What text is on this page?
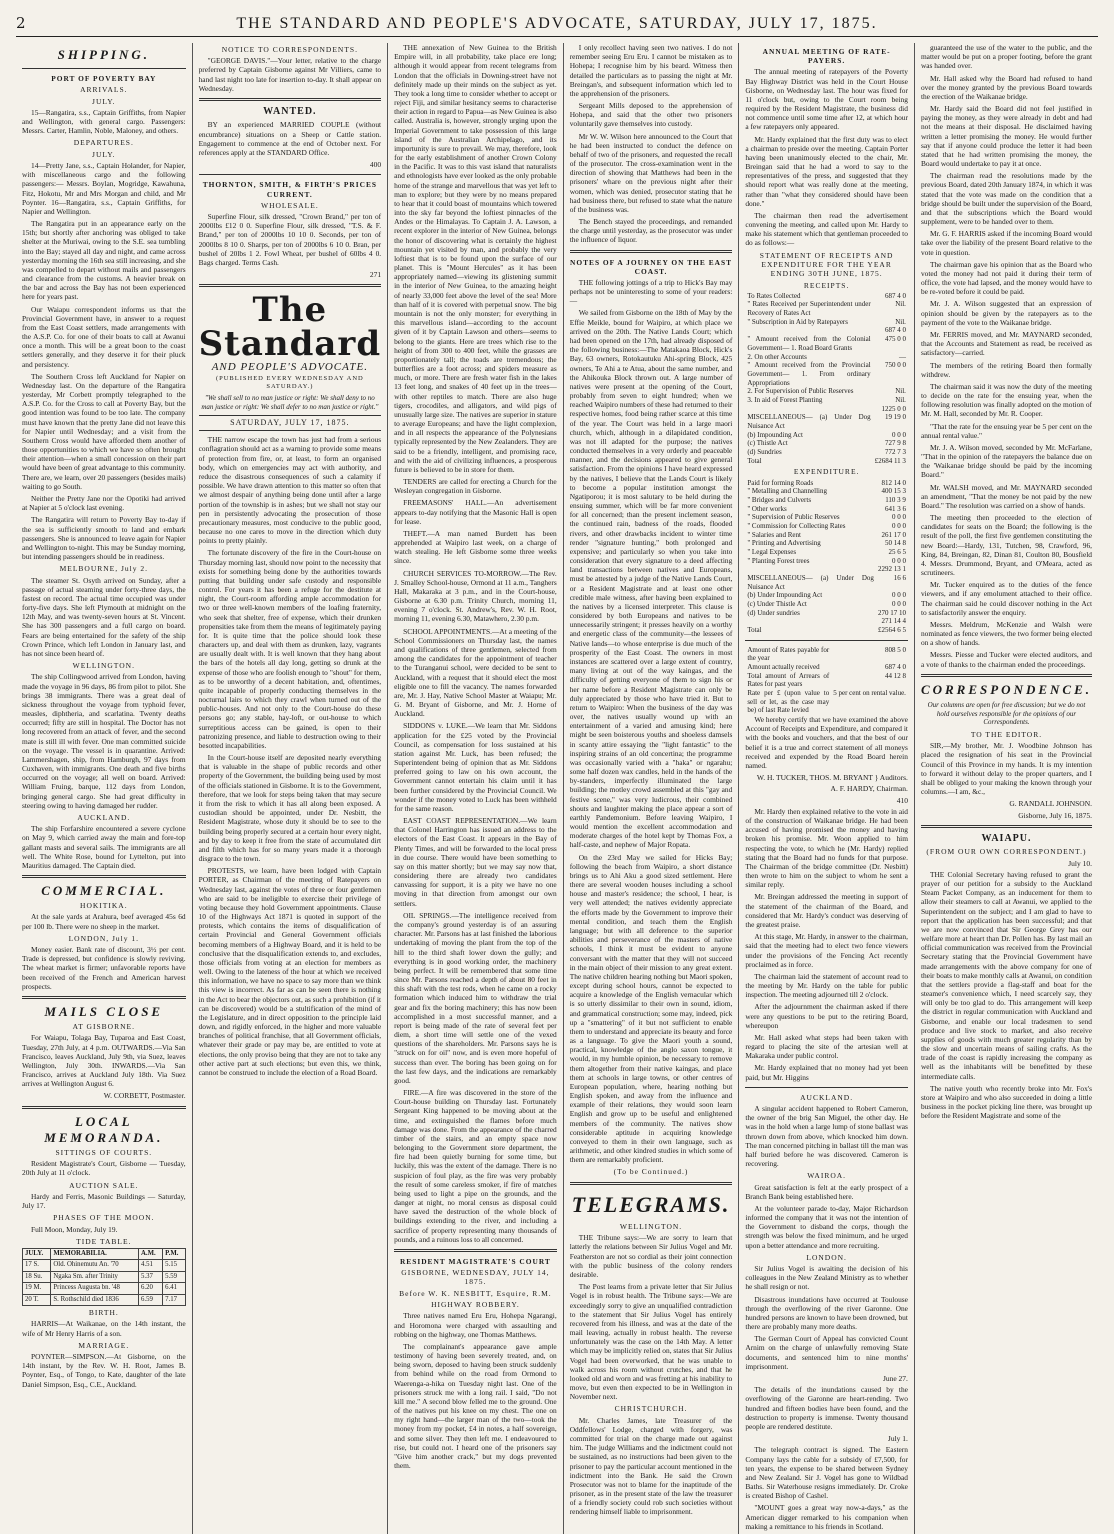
2	THE STANDARD AND PEOPLE'S ADVOCATE, SATURDAY, JULY 17, 1875.
SHIPPING.
PORT OF POVERTY BAY
ARRIVALS.
JULY.

15—Rangatira, s.s., Captain Griffiths, from Napier and Wellington, with general cargo. Passengers: Messrs. Carter, Hamlin, Noble, Maloney, and others.

DEPARTURES.
JULY.

14—Pretty Jane, s.s., Captain Holander, for Napier, with miscellaneous cargo and the following passengers:— Messrs. Boylan, Mogridge, Kawahuna, Fitz, Hokotu, Mr and Mrs Morgan and child, and Mr Poynter. 16—Rangatira, s.s., Captain Griffiths, for Napier and Wellington.

The Rangatira put in an appearance early on the 15th; but shortly after anchoring was obliged to take shelter at the Muriwai, owing to the S.E. sea tumbling into the Bay; stayed all day and night, and came across yesterday morning the 16th sea still increasing, and she was compelled to depart without mails and passengers and clearance from the customs. A heavier break on the bar and across the Bay has not been experienced here for years past.

Our Waiapu correspondent informs us that the Provincial Government have, in answer to a request from the East Coast settlers, made arrangements with the A.S.P. Co. for one of their boats to call at Awanui once a month. This will be a great boon to the coast settlers generally, and they deserve it for their pluck and persistency.

The Southern Cross left Auckland for Napier on Wednesday last. On the departure of the Rangatira yesterday, Mr Corbett promptly telegraphed to the A.S.P. Co. for the Cross to call at Poverty Bay, but the good intention was found to be too late. The company must have known that the pretty Jane did not leave this for Napier until Wednesday; and a visit from the Southern Cross would have afforded them another of those opportunities to which we have so often brought their attention—when a small concession on their part would have been of great advantage to this community. There are, we learn, over 20 passengers (besides mails) waiting to go South.

Neither the Pretty Jane nor the Opotiki had arrived at Napier at 5 o'clock last evening.

The Rangatira will return to Poverty Bay to-day if the sea is sufficiently smooth to land and embark passengers. She is announced to leave again for Napier and Wellington to-night. This may be Sunday morning, but intending passengers should be in readiness.

MELBOURNE, July 2.

The steamer St. Osyth arrived on Sunday, after a passage of actual steaming under forty-three days, the fastest on record. The actual time occupied was under forty-five days. She left Plymouth at midnight on the 12th May, and was twenty-seven hours at St. Vincent. She has 300 passengers and a full cargo on board. Fears are being entertained for the safety of the ship Crown Prince, which left London in January last, and has not since been heard of.

WELLINGTON.

The ship Collingwood arrived from London, having made the voyage in 96 days, 86 from pilot to pilot. She brings 38 immigrants. There was a great deal of sickness throughout the voyage from typhoid fever, measles, diphtheria, and scarlatina. Twenty deaths occurred; fifty are still in hospital. The Doctor has not long recovered from an attack of fever, and the second mate is still ill with fever. One man committed suicide on the voyage. The vessel is in quarantine. Arrived: Lammershagen, ship, from Hamburgh, 97 days from Cuxhaven, with immigrants. One death and five births occurred on the voyage; all well on board. Arrived: William Fruing, barque, 112 days from London, bringing general cargo. She had great difficulty in steering owing to having damaged her rudder.

AUCKLAND.

The ship Forfarshire encountered a severe cyclone on May 9, which carried away the main and fore-top gallant masts and several sails. The immigrants are all well. The White Rose, bound for Lyttelton, put into Mauritius damaged. The Captain died.

COMMERCIAL.
HOKITIKA.

At the sale yards at Arahura, beef averaged 45s 6d per 100 lb. There were no sheep in the market.

LONDON, July 1.

Money easier. Bank rate of discount, 3½ per cent. Trade is depressed, but confidence is slowly reviving. The wheat market is firmer; unfavorable reports have been received of the French and American harvest prospects.

MAILS CLOSE
AT GISBORNE.

For Waiapu, Tolaga Bay, Tuparoa and East Coast, Tuesday, 27th July, at 4 p.m. OUTWARDS.—Via San Francisco, leaves Auckland, July 9th, via Suez, leaves Wellington, July 30th. INWARDS.—Via San Francisco, arrives at Auckland July 18th. Via Suez arrives at Wellington August 6.

W. CORBETT, Postmaster.
LOCAL MEMORANDA.
SITTINGS OF COURTS.

Resident Magistrate's Court, Gisborne — Tuesday, 20th July at 11 o'clock.

AUCTION SALE.

Hardy and Ferris, Masonic Buildings — Saturday, July 17.

PHASES OF THE MOON.

Full Moon, Monday, July 19.

TIDE TABLE.
JULY.	MEMORABILIA.	A.M.	P.M.
17 S.	Old. Ohinemutu An. '70	4.51	5.15
18 Su.	Ngaka Sm. after Trinity	5.37	5.59
19 M.	Princess Augusta bn. '48	6.20	6.41
20 T.	S. Rothschild died 1836	6.59	7.17
BIRTH.

HARRIS—At Waikanae, on the 14th instant, the wife of Mr Henry Harris of a son.

MARRIAGE.

POYNTER—SIMPSON.—At Gisborne, on the 14th instant, by the Rev. W. H. Root, James B. Poynter, Esq., of Tongo, to Kate, daughter of the late Daniel Simpson, Esq., C.E., Auckland.

NOTICE TO CORRESPONDENTS.

"GEORGE DAVIS."—Your letter, relative to the charge preferred by Captain Gisborne against Mr Villiers, came to hand last night too late for insertion to-day. It shall appear on Wednesday.

WANTED.

BY an experienced MARRIED COUPLE (without encumbrance) situations on a Sheep or Cattle station. Engagement to commence at the end of October next. For references apply at the STANDARD Office.

400
THORNTON, SMITH, & FIRTH'S PRICES CURRENT.
WHOLESALE.

Superfine Flour, silk dressed, "Crown Brand," per ton of 2000lbs £12 0 0. Superfine Flour, silk dressed, "T.S. & F. Brand," per ton of 2000lbs 10 10 0. Seconds, per ton of 2000lbs 8 10 0. Sharps, per ton of 2000lbs 6 10 0. Bran, per bushel of 20lbs 1 2. Fowl Wheat, per bushel of 60lbs 4 0. Bags charged. Terms Cash.

271
The Standard
AND PEOPLE'S ADVOCATE.
(PUBLISHED EVERY WEDNESDAY AND SATURDAY.)
"We shall sell to no man justice or right: We shall deny to no man justice or right: We shall defer to no man justice or right."
SATURDAY, JULY 17, 1875.

THE narrow escape the town has just had from a serious conflagration should act as a warning to provide some means of protection from fire, or, at least, to form an organised body, which on emergencies may act with authority, and reduce the disastrous consequences of such a calamity if possible. We have drawn attention to this matter so often that we almost despair of anything being done until after a large portion of the township is in ashes; but we shall not stay our pen in persistently advocating the prosecution of those precautionary measures, most conducive to the public good, because no one cares to move in the direction which duty points to pretty plainly.

The fortunate discovery of the fire in the Court-house on Thursday morning last, should now point to the necessity that exists for something being done by the authorities towards putting that building under safe custody and responsible control. For years it has been a refuge for the destitute at night, the Court-room affording ample accommodation for two or three well-known members of the loafing fraternity, who seek that shelter, free of expense, which their drunken propensities take from them the means of legitimately paying for. It is quite time that the police should look these characters up, and deal with them as drunken, lazy, vagrants are usually dealt with. It is well known that they hang about the bars of the hotels all day long, getting so drunk at the expense of those who are foolish enough to "shout" for them, as to be unworthy of a decent habitation, and, oftentimes, quite incapable of properly conducting themselves in the nocturnal lairs to which they crawl when turned out of the public-houses. And not only to the Court-house do these persons go; any stable, hay-loft, or out-house to which surreptitious access can be gained, is open to their patronizing presence, and liable to destruction owing to their besotted incapabilities.

In the Court-house itself are deposited nearly everything that is valuable in the shape of public records and other property of the Government, the building being used by most of the officials stationed in Gisborne. It is to the Government, therefore, that we look for steps being taken that may secure it from the risk to which it has all along been exposed. A custodian should be appointed, under Dr. Nesbitt, the Resident Magistrate, whose duty it should be to see to the building being properly secured at a certain hour every night, and by day to keep it free from the state of accumulated dirt and filth which has for so many years made it a thorough disgrace to the town.

PROTESTS, we learn, have been lodged with Captain PORTER, as Chairman of the meeting of Ratepayers on Wednesday last, against the votes of three or four gentlemen who are said to be ineligible to exercise their privilege of voting because they hold Government appointments. Clause 10 of the Highways Act 1871 is quoted in support of the protests, which contains the items of disqualification of certain Provincial and General Government officials becoming members of a Highway Board, and it is held to be conclusive that the disqualification extends to, and excludes, those officials from voting at an election for members as well. Owing to the lateness of the hour at which we received this information, we have no space to say more than we think this view is incorrect. As far as can be seen there is nothing in the Act to bear the objectors out, as such a prohibition (if it can be discovered) would be a stultification of the mind of the Legislature, and in direct opposition to the principle laid down, and rigidly enforced, in the higher and more valuable branches of political franchise, that all Government officials, whatever their grade or pay may be, are entitled to vote at elections, the only proviso being that they are not to take any other active part at such elections; but even this, we think, cannot be construed to include the election of a Road Board.

THE annexation of New Guinea to the British Empire will, in all probability, take place ere long; although it would appear from recent telegrams from London that the officials in Downing-street have not definitely made up their minds on the subject as yet. They took a long time to consider whether to accept or reject Fiji, and similar hesitancy seems to characterise their action in regard to Papua—as New Guinea is also called. Australia is, however, strongly urging upon the Imperial Government to take possession of this large island of the Australian Archipelago, and its importunity is sure to prevail. We may, therefore, look for the early establishment of another Crown Colony in the Pacific. It was to this vast island that naturalists and ethnologists have ever looked as the only probable home of the strange and marvellous that was yet left to man to explore; but they were by no means prepared to hear that it could boast of mountains which towered into the sky far beyond the loftiest pinnacles of the Andes or the Himalayas. To Captain J. A. Lawson, a recent explorer in the interior of New Guinea, belongs the honor of discovering what is certainly the highest mountain yet visited by man, and probably the very loftiest that is to be found upon the surface of our planet. This is "Mount Hercules" as it has been appropriately named—viewing its glistening summit in the interior of New Guinea, to the amazing height of nearly 33,000 feet above the level of the sea! More than half of it is covered with perpetual snow. The big mountain is not the only monster; for everything in this marvellous island—according to the account given of it by Captain Lawson and others—seems to belong to the giants. Here are trees which rise to the height of from 300 to 400 feet, while the grasses are proportionately tall; the toads are tremendous; the butterflies are a foot across; and spiders measure as much, or more. There are fresh water fish in the lakes 13 feet long, and snakes of 40 feet up in the trees—with other reptiles to match. There are also huge tigers, crocodiles, and alligators, and wild pigs of unusually large size. The natives are superior in stature to average Europeans; and have the light complexion, and in all respects the appearance of the Polynesians typically represented by the New Zealanders. They are said to be a friendly, intelligent, and promising race, and with the aid of civilizing influences, a prosperous future is believed to be in store for them.

TENDERS are called for erecting a Church for the Wesleyan congregation in Gisborne.

FREEMASONS' HALL.—An advertisement appears to-day notifying that the Masonic Hall is open for lease.

THEFT.—A man named Burdett has been apprehended at Waipiro last week, on a charge of watch stealing. He left Gisborne some three weeks since.

CHURCH SERVICES TO-MORROW.—The Rev. J. Smalley School-house, Ormond at 11 a.m., Tanghers Hall, Makaraka at 3 p.m., and in the Court-house, Gisborne at 6.30 p.m. Trinity Church, morning 11, evening 7 o'clock. St. Andrew's, Rev. W. H. Root, morning 11, evening 6.30, Matawhero, 2.30 p.m.

SCHOOL APPOINTMENTS.—At a meeting of the School Commissioners on Thursday last, the names and qualifications of three gentlemen, selected from among the candidates for the appointment of teacher to the Turanganui school, were decided to be sent to Auckland, with a request that it should elect the most eligible one to fill the vacancy. The names forwarded are, Mr. J. Hay, Native School Master at Waiapu; Mr. G. M. Bryant of Gisborne, and Mr. J. Horne of Auckland.

SIDDONS v. LUKE.—We learn that Mr. Siddons application for the £25 voted by the Provincial Council, as compensation for loss sustained at his station against Mr. Luck, has been refused; the Superintendent being of opinion that as Mr. Siddons preferred going to law on his own account, the Government cannot entertain his claim until it has been further considered by the Provincial Council. We wonder if the money voted to Luck has been withheld for the same reason.

EAST COAST REPRESENTATION.—We learn that Colonel Harrington has issued an address to the electors of the East Coast. It appears in the Bay of Plenty Times, and will be forwarded to the local press in due course. There would have been something to say on this matter shortly; but we may say now that, considering there are already two candidates canvassing for support, it is a pity we have no one moving in that direction from amongst our own settlers.

OIL SPRINGS.—The intelligence received from the company's ground yesterday is of an assuring character. Mr. Parsons has at last finished the laborious undertaking of moving the plant from the top of the hill to the third shaft lower down the gully; and everything is in good working order, the machinery being perfect. It will be remembered that some time since Mr. Parsons reached a depth of about 80 feet in this shaft with the test rods, when he came on a rocky formation which induced him to withdraw the trial gear and fix the boring machinery; this has now been accomplished in a most successful manner, and a report is being made of the rate of several feet per diem, a short time will settle one of the vexed questions of the shareholders. Mr. Parsons says he is "struck on for oil" now, and is even more hopeful of success than ever. The boring has been going on for the last few days, and the indications are remarkably good.

FIRE.—A fire was discovered in the store of the Court-house building on Thursday last. Fortunately Sergeant King happened to be moving about at the time, and extinguished the flames before much damage was done. From the appearance of the charred timber of the stairs, and an empty space now belonging to the Government store department, the fire had been quietly burning for some time, but luckily, this was the extent of the damage. There is no suspicion of foul play, as the fire was very probably the result of some careless smoker, if fire of matches being used to light a pipe on the grounds, and the danger at night, no moral census as disposal could have saved the destruction of the whole block of buildings extending to the river, and including a sacrifice of property representing many thousands of pounds, and a ruinous loss to all concerned.

RESIDENT MAGISTRATE'S COURT
GISBORNE, WEDNESDAY, JULY 14, 1875.
Before W. K. NESBITT, Esquire, R.M.
HIGHWAY ROBBERY.

Three natives named Eru Eru, Hohepa Ngarangi, and Horomona were charged with assaulting and robbing on the highway, one Thomas Matthews.

The complainant's appearance gave ample testimony of having been severely treated, and, on being sworn, deposed to having been struck suddenly from behind while on the road from Ormond to Waerenga-a-hika on Tuesday night last. One of the prisoners struck me with a long rail. I said, "Do not kill me." A second blow felled me to the ground. One of the natives put his knee on my chest. The one on my right hand—the larger man of the two—took the money from my pocket, £4 in notes, a half sovereign, and some silver. They then left me. I endeavoured to rise, but could not. I heard one of the prisoners say "Give him another crack," but my dogs prevented them.

I only recollect having seen two natives. I do not remember seeing Eru Eru. I cannot be mistaken as to Hohepa; I recognise him by his beard. Witness then detailed the particulars as to passing the night at Mr. Breingan's, and subsequent information which led to the apprehension of the prisoners.

Sergeant Mills deposed to the apprehension of Hohepa, and said that the other two prisoners voluntarily gave themselves into custody.

Mr W. W. Wilson here announced to the Court that he had been instructed to conduct the defence on behalf of two of the prisoners, and requested the recall of the prosecutor. The cross-examination went in the direction of showing that Matthews had been in the prisoners' whare on the previous night after their women, which was denied, prosecutor stating that he had business there, but refused to state what the nature of the business was.

The Bench stayed the proceedings, and remanded the charge until yesterday, as the prosecutor was under the influence of liquor.

NOTES OF A JOURNEY ON THE EAST COAST.

THE following jottings of a trip to Hick's Bay may perhaps not be uninteresting to some of your readers:—

We sailed from Gisborne on the 18th of May by the Effie Meikle, bound for Waipiro, at which place we arrived on the 20th. The Native Lands Court; which had been opened on the 17th, had already disposed of the following business:—The Matakaoa Block, Hick's Bay, 63 owners, Rotokautuku Ahi-spring Block, 425 owners, Te Ahi a te Atua, about the same number, and the Ahikouka Block thrown out. A large number of natives were present at the opening of the Court, probably from seven to eight hundred; when we reached Waipiro numbers of these had returned to their respective homes, food being rather scarce at this time of the year. The Court was held in a large maori church, which, although in a dilapidated condition, was not ill adapted for the purpose; the natives conducted themselves in a very orderly and peaceable manner, and the decisions appeared to give general satisfaction. From the opinions I have heard expressed by the natives, I believe that the Lands Court is likely to become a popular institution amongst the Ngatiporou; it is most salutary to be held during the ensuing summer, which will be far more convenient for all concerned; than the present inclement season, the continued rain, badness of the roads, flooded rivers, and other drawbacks incident to winter time render "signature hunting," both prolonged and expensive; and particularly so when you take into consideration that every signature to a deed affecting land transactions between natives and Europeans, must be attested by a judge of the Native Lands Court, or a Resident Magistrate and at least one other credible male witness, after having been explained to the natives by a licensed interpreter. This clause is considered by both Europeans and natives to be unnecessarily stringent; it presses heavily on a worthy and energetic class of the community—the lessees of Native lands—to whose enterprise is due much of the prosperity of the East Coast. The owners in most instances are scattered over a large extent of country, many living at out of the way kaingas, and the difficulty of getting everyone of them to sign his or her name before a Resident Magistrate can only be duly appreciated by those who have tried it. But to return to Waipiro: When the business of the day was over, the natives usually wound up with an entertainment of a varied and amusing kind; here might be seen boisterous youths and shoeless damsels in scanty attire essaying the "light fantastic" to the inspiring strains of an old concertina; the programme was occasionally varied with a "haka" or ngarahu; some half dozen wax candles, held in the hands of the by-standers, imperfectly illuminated the large building; the motley crowd assembled at this "gay and festive scene," was very ludicrous, their combined shouts and laughter making the place appear a sort of earthly Pandemonium. Before leaving Waipiro, I would mention the excellent accommodation and moderate charges of the hotel kept by Thomas Fox, a half-caste, and nephew of Major Ropata.

On the 23rd May we sailed for Hicks Bay; following the beach from Waipiro, a short distance brings us to Ahi Aku a good sized settlement. Here there are several wooden houses including a school house and master's residence; the school, I hear, is very well attended; the natives evidently appreciate the efforts made by the Government to improve their mental condition, and teach them the English language; but with all deference to the superior abilities and perseverance of the masters of native schools, I think it must be evident to anyone conversant with the matter that they will not succeed in the main object of their mission to any great extent. The native children hearing nothing but Maori spoken, except during school hours, cannot be expected to acquire a knowledge of the English vernacular which is so utterly dissimilar to their own in sound, idiom, and grammatical construction; some may, indeed, pick up a "smattering" of it but not sufficient to enable them to understand and appreciate its beauty and force as a language. To give the Maori youth a sound, practical, knowledge of the anglo saxon tongue, it would, in my humble opinion, be necessary to remove them altogether from their native kaingas, and place them at schools in large towns, or other centres of European population, where, hearing nothing but English spoken, and away from the influence and example of their relations, they would soon learn English and grow up to be useful and enlightened members of the community. The natives show considerable aptitude in acquiring knowledge conveyed to them in their own language, such as arithmetic, and other kindred studies in which some of them are remarkably proficient.

(To be Continued.)
TELEGRAMS.
WELLINGTON.

THE Tribune says:—We are sorry to learn that latterly the relations between Sir Julius Vogel and Mr. Featherston are not so cordial as their joint connection with the public business of the colony renders desirable.

The Post learns from a private letter that Sir Julius Vogel is in robust health. The Tribune says:—We are exceedingly sorry to give an unqualified contradiction to the statement that Sir Julius Vogel has entirely recovered from his illness, and was at the date of the mail leaving, actually in robust health. The reverse unfortunately was the case on the 14th May. A letter which may be implicitly relied on, states that Sir Julius Vogel had been overworked, that he was unable to walk across his room without crutches, and that he looked old and worn and was fretting at his inability to move, but even then expected to be in Wellington in November next.

CHRISTCHURCH.

Mr. Charles James, late Treasurer of the Oddfellows' Lodge, charged with forgery, was committed for trial on the charge made out against him. The judge Williams and the indictment could not be sustained, as no instructions had been given to the prisoner to pay the particular account mentioned in the indictment into the Bank. He said the Crown Prosecutor was not to blame for the inaptitude of the prisoner, as in the present state of the law the treasurer of a friendly society could rob such societies without rendering himself liable to imprisonment.

ANNUAL MEETING OF RATE-PAYERS.

The annual meeting of ratepayers of the Poverty Bay Highway District was held in the Court House Gisborne, on Wednesday last. The hour was fixed for 11 o'clock but, owing to the Court room being required by the Resident Magistrate, the business did not commence until some time after 12, at which hour a few ratepayers only appeared.

Mr. Hardy explained that the first duty was to elect a chairman to preside over the meeting. Captain Porter having been unanimously elected to the chair, Mr. Breingan said that he had a word to say to the representatives of the press, and suggested that they should report what was really done at the meeting, rather than "what they considered should have been done."

The chairman then read the advertisement convening the meeting, and called upon Mr. Hardy to make his statement which that gentleman proceeded to do as follows:—

STATEMENT OF RECEIPTS AND EXPENDITURE FOR THE YEAR ENDING 30TH JUNE, 1875.
RECEIPTS.
To Rates Collected	687 4 0
" Rates Received per Superintendent under Recovery of Rates Act	Nil.
" Subscription in Aid by Ratepayers	Nil.
	687 4 0
" Amount received from the Colonial Government— 1. Road Board Grants	475 0 0
2. On other Accounts	—
" Amount received from the Provincial Government— 1. From ordinary Appropriations	750 0 0
2. For Supervision of Public Reserves	Nil.
3. In aid of Forest Planting	Nil.
	1225 0 0
MISCELLANEOUS— (a) Under Dog Nuisance Act	19 19 0
(b) Impounding Act	0 0 0
(c) Thistle Act	727 9 8
(d) Sundries	772 7 3
Total	£2684 11 3
EXPENDITURE.
Paid for forming Roads	812 14 0
" Metalling and Channelling	400 15 3
" Bridges and Culverts	110 3 9
" Other works	641 3 6
" Supervision of Public Reserves	0 0 0
" Commission for Collecting Rates	0 0 0
" Salaries and Rent	261 17 0
" Printing and Advertising	50 14 8
" Legal Expenses	25 6 5
" Planting Forest trees	0 0 0
	2292 13 1
MISCELLANEOUS— (a) Under Dog Nuisance Act	16 6
(b) Under Impounding Act	0 0 0
(c) Under Thistle Act	0 0 0
(d) Under sundries	270 17 10
	271 14 4
Total	£2564 6 5
Amount of Rates payable for the year	808 5 0
Amount actually received	687 4 0
Total amount of Arrears of Rates for past years	44 12 8
Rate per £ (upon value to sell or let, as the case may be) of last Rate levied	5 per cent on rental value.

We hereby certify that we have examined the above Account of Receipts and Expenditure, and compared it with the books and vouchers, and that the best of our belief it is a true and correct statement of all moneys received and expended by the Road Board herein named.

W. H. TUCKER, THOS. M. BRYANT } Auditors.
A. F. HARDY, Chairman.
410

Mr. Hardy then explained relative to the vote in aid of the construction of Waikanae bridge. He had been accused of having promised the money and having broken his promise. Mr. Woon applied to him respecting the vote, to which he (Mr. Hardy) replied stating that the Board had no funds for that purpose. The Chairman of the bridge committee (Dr. Nesbitt) then wrote to him on the subject to whom he sent a similar reply.

Mr. Breingan addressed the meeting in support of the statement of the chairman of the Board, and considered that Mr. Hardy's conduct was deserving of the greatest praise.

At this stage, Mr. Hardy, in answer to the chairman, said that the meeting had to elect two fence viewers under the provisions of the Fencing Act recently proclaimed as in force.

The chairman laid the statement of account read to the meeting by Mr. Hardy on the table for public inspection. The meeting adjourned till 2 o'clock.

After the adjournment the chairman asked if there were any questions to be put to the retiring Board, whereupon

Mr. Hall asked what steps had been taken with regard to placing the site of the artesian well at Makaraka under public control.

Mr. Hardy explained that no money had yet been paid, but Mr. Higgins

AUCKLAND.

A singular accident happened to Robert Cameron, the owner of the brig San Miguel, the other day. He was in the hold when a large lump of stone ballast was thrown down from above, which knocked him down. The man concerned pitching in ballast till the man was half buried before he was discovered. Cameron is recovering.

WAIROA.

Great satisfaction is felt at the early prospect of a Branch Bank being established here.

At the volunteer parade to-day, Major Richardson informed the company that it was not the intention of the Government to disband the corps, though the strength was below the fixed minimum, and he urged upon a better attendance and more recruiting.

LONDON.

Sir Julius Vogel is awaiting the decision of his colleagues in the New Zealand Ministry as to whether he shall resign or not.

Disastrous inundations have occurred at Toulouse through the overflowing of the river Garonne. One hundred persons are known to have been drowned, but there are probably many more deaths.

The German Court of Appeal has convicted Count Arnim on the charge of unlawfully removing State documents, and sentenced him to nine months' imprisonment.

June 27.

The details of the inundations caused by the overflowing of the Garonne are heart-rending. Two hundred and fifteen bodies have been found, and the destruction to property is immense. Twenty thousand people are rendered destitute.

July 1.

The telegraph contract is signed. The Eastern Company lays the cable for a subsidy of £7,500, for ten years, the expense to be shared between Sydney and New Zealand. Sir J. Vogel has gone to Wildbad Baths. Sir Waterhouse resigns immediately. Dr. Croke is created Bishop of Cashel.

"MOUNT goes a great way now-a-days," as the American digger remarked to his companion when making a remittance to his friends in Scotland.

guaranteed the use of the water to the public, and the matter would be put on a proper footing, before the grant was handed over.

Mr. Hall asked why the Board had refused to hand over the money granted by the previous Board towards the erection of the Waikanae bridge.

Mr. Hardy said the Board did not feel justified in paying the money, as they were already in debt and had not the means at their disposal. He disclaimed having written a letter promising the money. He would further say that if anyone could produce the letter it had been stated that he had written promising the money, the Board would undertake to pay it at once.

The chairman read the resolutions made by the previous Board, dated 20th January 1874, in which it was stated that the vote was made on the condition that a bridge should be built under the supervision of the Board, and that the subscriptions which the Board would supplement, were to be handed over to them.

Mr. G. F. HARRIS asked if the incoming Board would take over the liability of the present Board relative to the vote in question.

The chairman gave his opinion that as the Board who voted the money had not paid it during their term of office, the vote had lapsed, and the money would have to be re-voted before it could be paid.

Mr. J. A. Wilson suggested that an expression of opinion should be given by the ratepayers as to the payment of the vote to the Waikanae bridge.

Mr. FERRIS moved, and Mr. MAYNARD seconded, that the Accounts and Statement as read, be received as satisfactory—carried.

The members of the retiring Board then formally withdrew.

The chairman said it was now the duty of the meeting to decide on the rate for the ensuing year, when the following resolution was finally adopted on the motion of Mr. M. Hall, seconded by Mr. R. Cooper.

"That the rate for the ensuing year be 5 per cent on the annual rental value."

Mr. J. A. Wilson moved, seconded by Mr. McFarlane, "That in the opinion of the ratepayers the balance due on the 'Waikanae bridge should be paid by the incoming Board."

Mr. WALSH moved, and Mr. MAYNARD seconded an amendment, "That the money be not paid by the new Board." The resolution was carried on a show of hands.

The meeting then proceeded to the election of candidates for seats on the Board; the following is the result of the poll, the first five gentlemen constituting the new Board:—Hardy, 131, Tutchen, 98, Crawford, 96, King, 84, Breingan, 82, Dinan 81, Coulton 80, Bousfield 4. Messrs. Drummond, Bryant, and O'Meara, acted as scrutineers.

Mr. Tucker enquired as to the duties of the fence viewers, and if any emolument attached to their office. The chairman said he could discover nothing in the Act to satisfactorily answer the enquiry.

Messrs. Meldrum, McKenzie and Walsh were nominated as fence viewers, the two former being elected on a show of hands.

Messrs. Piesse and Tucker were elected auditors, and a vote of thanks to the chairman ended the proceedings.

CORRESPONDENCE.
Our columns are open for free discussion; but we do not hold ourselves responsible for the opinions of our Correspondents.
TO THE EDITOR.

SIR,—My brother, Mr. J. Woodbine Johnson has placed the resignation of his seat in the Provincial Council of this Province in my hands. It is my intention to forward it without delay to the proper quarters, and I shall be obliged to your making the known through your columns.—I am, &c.,

G. RANDALL JOHNSON.
Gisborne, July 16, 1875.
WAIAPU.
(FROM OUR OWN CORRESPONDENT.)
July 10.

THE Colonial Secretary having refused to grant the prayer of our petition for a subsidy to the Auckland Steam Packet Company, as an inducement for them to allow their steamers to call at Awanui, we applied to the Superintendent on the subject; and I am glad to have to report that the application has been successful; and that we are now convinced that Sir George Grey has our welfare more at heart than Dr. Pollen has. By last mail an official communication was received from the Provincial Secretary stating that the Provincial Government have made arrangements with the above company for one of their boats to make monthly calls at Awanui, on condition that the settlers provide a flag-staff and boat for the steamer's convenience which, I need scarcely say, they will only be too glad to do. This arrangement will keep the district in regular communication with Auckland and Gisborne, and enable our local tradesmen to send produce and live stock to market, and also receive supplies of goods with much greater regularity than by the slow and uncertain means of sailing crafts. As the trade of the coast is rapidly increasing the company as well as the inhabitants will be benefitted by these intermediate calls.

The native youth who recently broke into Mr. Fox's store at Waipiro and who also succeeded in doing a little business in the pocket picking line there, was brought up before the Resident Magistrate and some of the
